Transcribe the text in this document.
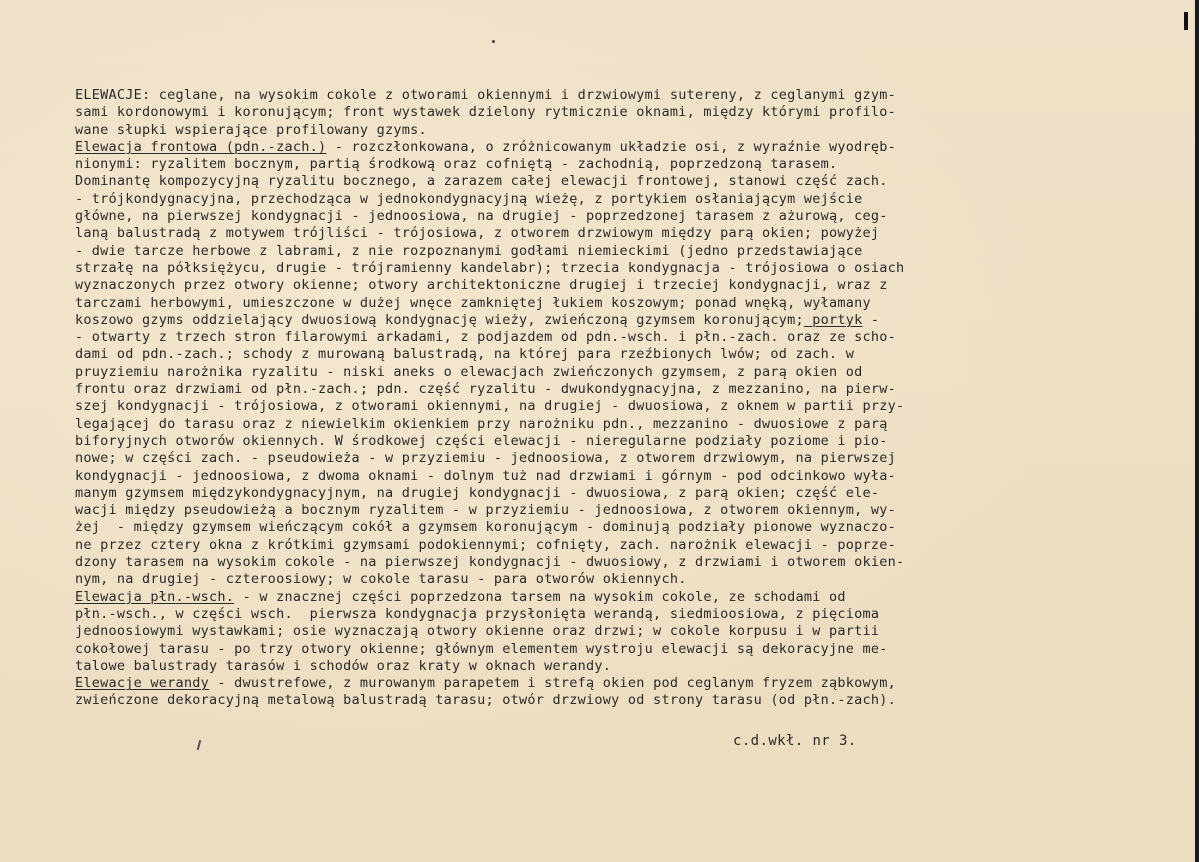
ELEWACJE: ceglane, na wysokim cokole z otworami okiennymi i drzwiowymi sutereny, z ceglanymi gzym-
sami kordonowymi i koronującym; front wystawek dzielony rytmicznie oknami, między którymi profilo-
wane słupki wspierające profilowany gzyms.
Elewacja frontowa (pdn.-zach.) - rozczłonkowana, o zróżnicowanym układzie osi, z wyraźnie wyodręb-
nionymi: ryzalitem bocznym, partią środkową oraz cofniętą - zachodnią, poprzedzoną tarasem.
Dominantę kompozycyjną ryzalitu bocznego, a zarazem całej elewacji frontowej, stanowi część zach.
- trójkondygnacyjna, przechodząca w jednokondygnacyjną wieżę, z portykiem osłaniającym wejście
główne, na pierwszej kondygnacji - jednoosiowa, na drugiej - poprzedzonej tarasem z ażurową, ceg-
laną balustradą z motywem trójliści - trójosiowa, z otworem drzwiowym między parą okien; powyżej
- dwie tarcze herbowe z labrami, z nie rozpoznanymi godłami niemieckimi (jedno przedstawiające
strzałę na półksiężycu, drugie - trójramienny kandelabr); trzecia kondygnacja - trójosiowa o osiach
wyznaczonych przez otwory okienne; otwory architektoniczne drugiej i trzeciej kondygnacji, wraz z
tarczami herbowymi, umieszczone w dużej wnęce zamkniętej łukiem koszowym; ponad wnęką, wyłamany
koszowo gzyms oddzielający dwuosiową kondygnację wieży, zwieńczoną gzymsem koronującym; portyk -
- otwarty z trzech stron filarowymi arkadami, z podjazdem od pdn.-wsch. i płn.-zach. oraz ze scho-
dami od pdn.-zach.; schody z murowaną balustradą, na której para rzeźbionych lwów; od zach. w
pruyziemiu narożnika ryzalitu - niski aneks o elewacjach zwieńczonych gzymsem, z parą okien od
frontu oraz drzwiami od płn.-zach.; pdn. część ryzalitu - dwukondygnacyjna, z mezzanino, na pierw-
szej kondygnacji - trójosiowa, z otworami okiennymi, na drugiej - dwuosiowa, z oknem w partii przy-
legającej do tarasu oraz z niewielkim okienkiem przy narożniku pdn., mezzanino - dwuosiowe z parą
biforyjnych otworów okiennych. W środkowej części elewacji - nieregularne podziały poziome i pio-
nowe; w części zach. - pseudowieża - w przyziemiu - jednoosiowa, z otworem drzwiowym, na pierwszej
kondygnacji - jednoosiowa, z dwoma oknami - dolnym tuż nad drzwiami i górnym - pod odcinkowo wyła-
manym gzymsem międzykondygnacyjnym, na drugiej kondygnacji - dwuosiowa, z parą okien; część ele-
wacji między pseudowieżą a bocznym ryzalitem - w przyziemiu - jednoosiowa, z otworem okiennym, wy-
żej  - między gzymsem wieńczącym cokół a gzymsem koronującym - dominują podziały pionowe wyznaczo-
ne przez cztery okna z krótkimi gzymsami podokiennymi; cofnięty, zach. narożnik elewacji - poprze-
dzony tarasem na wysokim cokole - na pierwszej kondygnacji - dwuosiowy, z drzwiami i otworem okien-
nym, na drugiej - czteroosiowy; w cokole tarasu - para otworów okiennych.
Elewacja płn.-wsch. - w znacznej części poprzedzona tarsem na wysokim cokole, ze schodami od
płn.-wsch., w części wsch.  pierwsza kondygnacja przysłonięta werandą, siedmioosiowa, z pięcioma
jednoosiowymi wystawkami; osie wyznaczają otwory okienne oraz drzwi; w cokole korpusu i w partii
cokołowej tarasu - po trzy otwory okienne; głównym elementem wystroju elewacji są dekoracyjne me-
talowe balustrady tarasów i schodów oraz kraty w oknach werandy.
Elewacje werandy - dwustrefowe, z murowanym parapetem i strefą okien pod ceglanym fryzem ząbkowym,
zwieńczone dekoracyjną metalową balustradą tarasu; otwór drzwiowy od strony tarasu (od płn.-zach).
c.d.wkł. nr 3.
